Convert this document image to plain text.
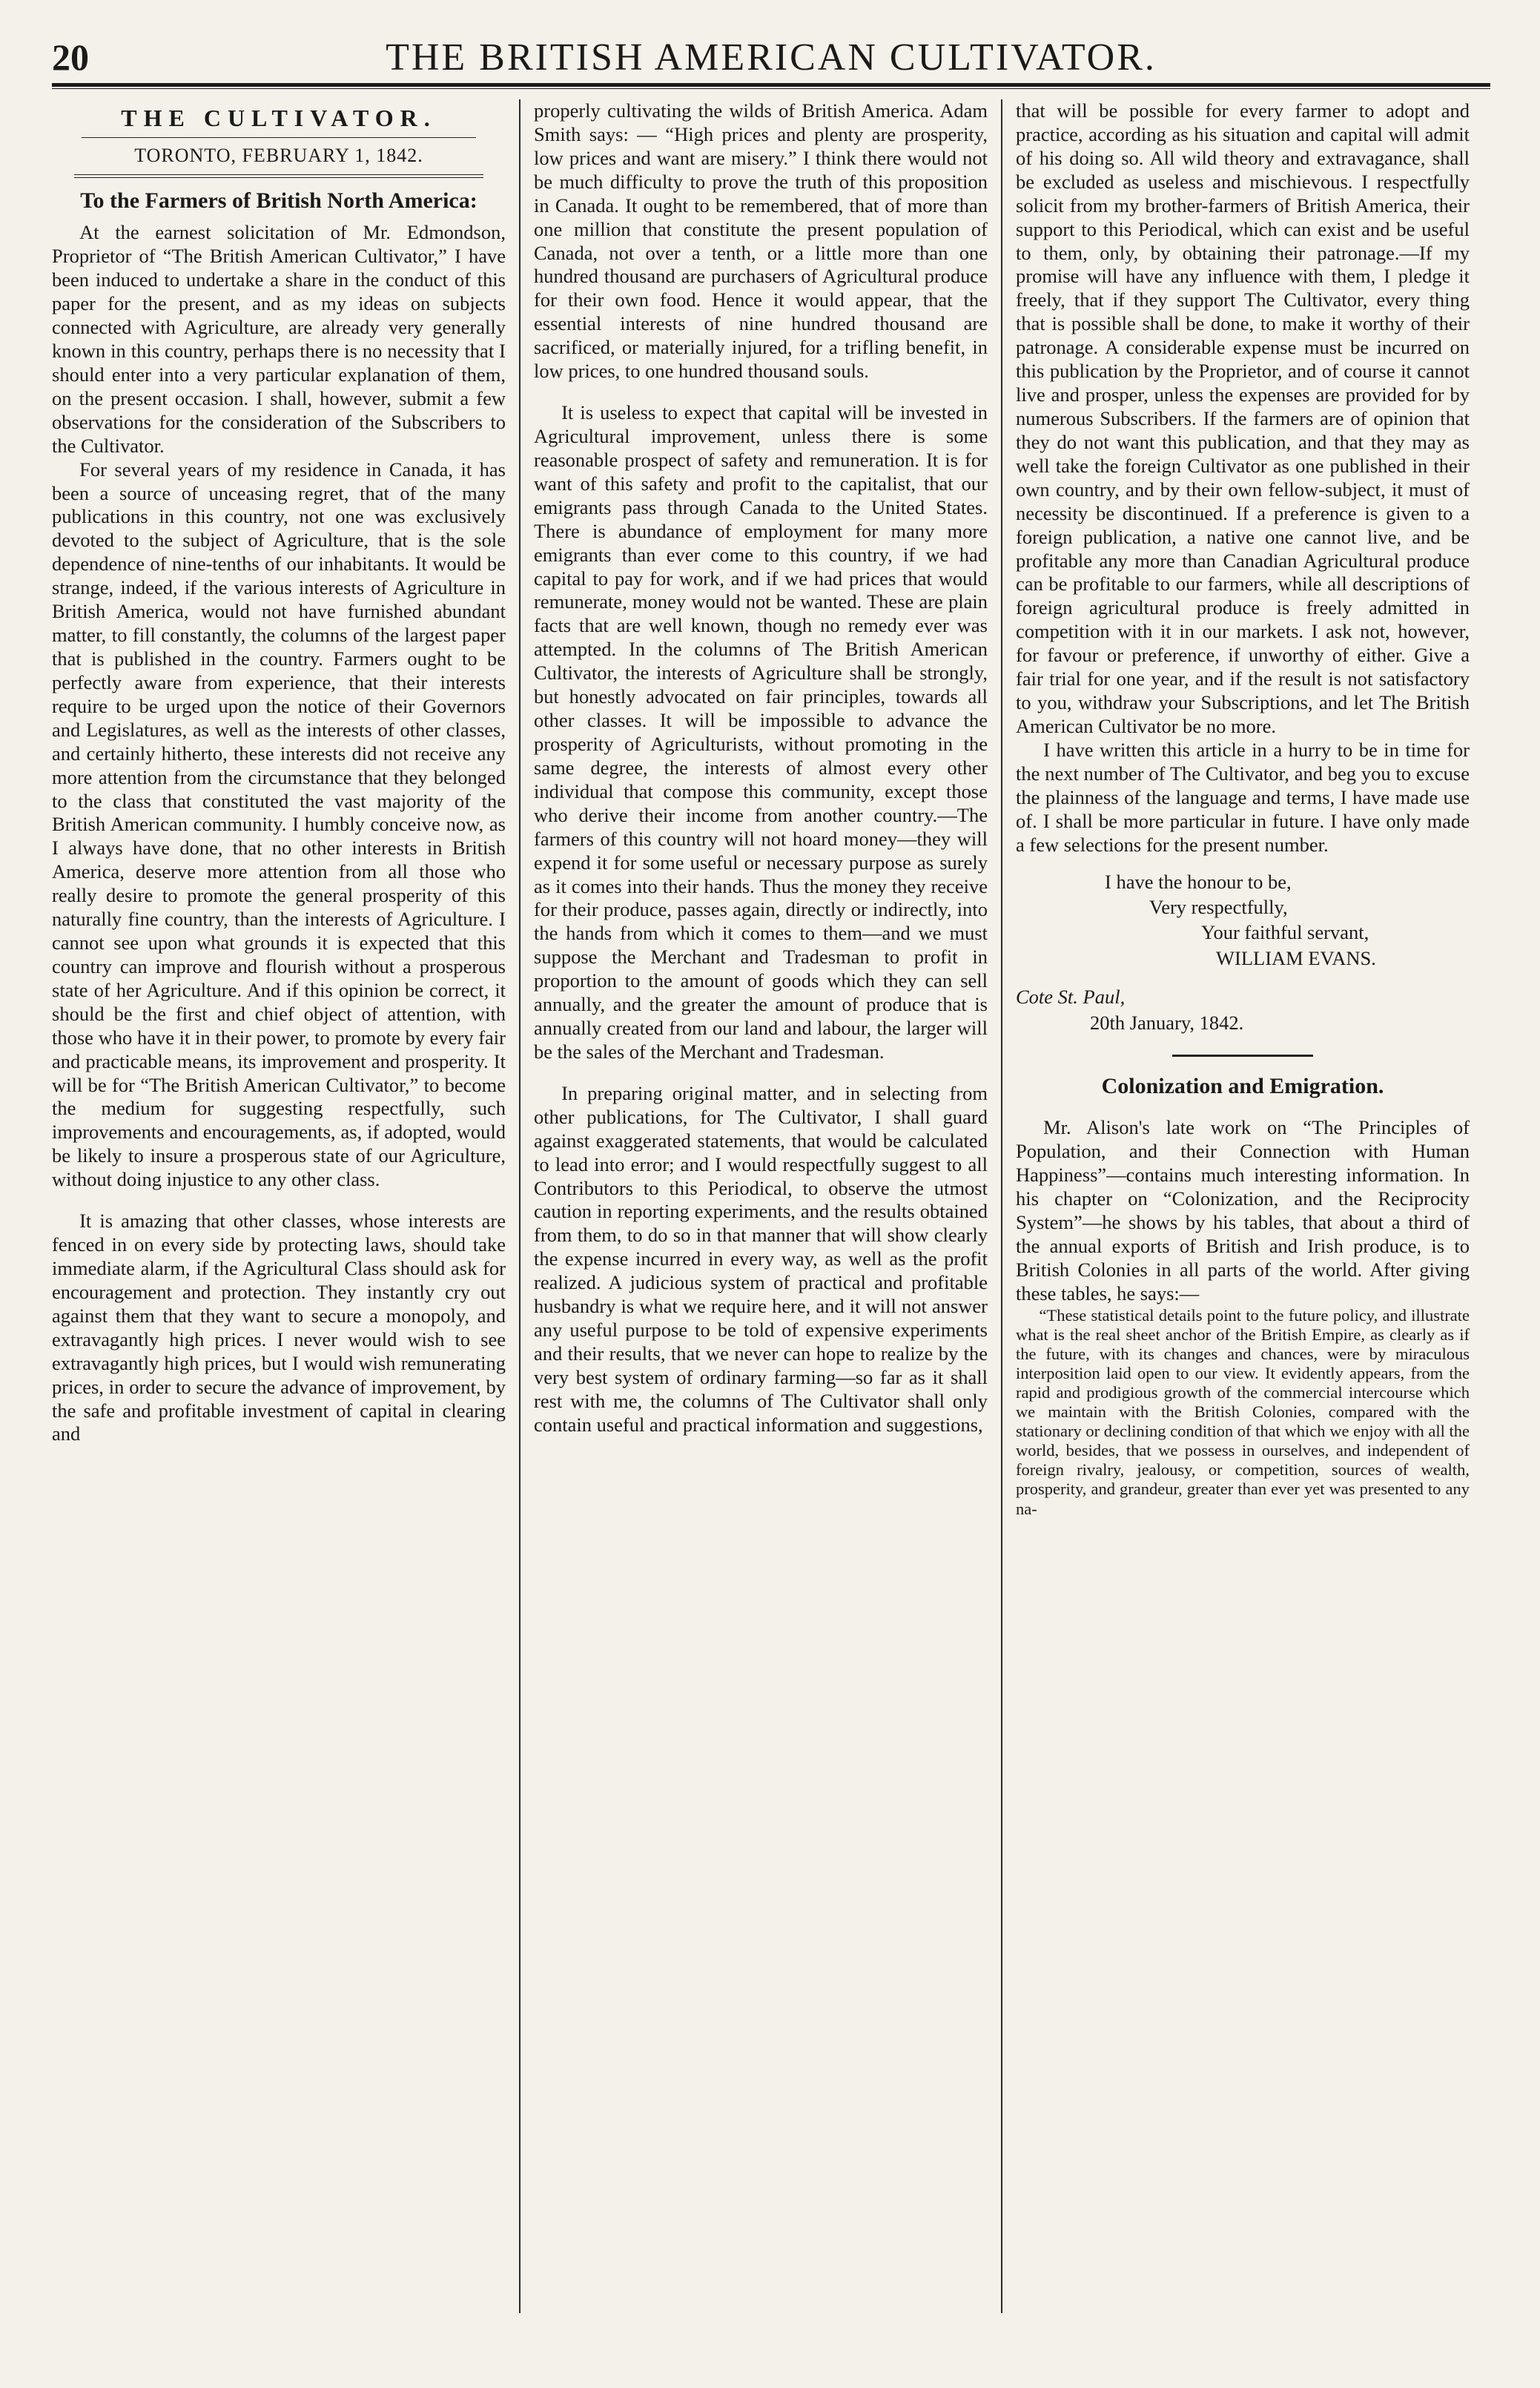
20	THE BRITISH AMERICAN CULTIVATOR.
THE CULTIVATOR.
TORONTO, FEBRUARY 1, 1842.
To the Farmers of British North America:

At the earnest solicitation of Mr. Edmondson, Proprietor of “The British American Cultivator,” I have been induced to undertake a share in the conduct of this paper for the present, and as my ideas on subjects connected with Agriculture, are already very generally known in this country, perhaps there is no necessity that I should enter into a very particular explanation of them, on the present occasion. I shall, however, submit a few observations for the consideration of the Subscribers to the Cultivator.

For several years of my residence in Canada, it has been a source of unceasing regret, that of the many publications in this country, not one was exclusively devoted to the subject of Agriculture, that is the sole dependence of nine-tenths of our inhabitants. It would be strange, indeed, if the various interests of Agriculture in British America, would not have furnished abundant matter, to fill constantly, the columns of the largest paper that is published in the country. Farmers ought to be perfectly aware from experience, that their interests require to be urged upon the notice of their Governors and Legislatures, as well as the interests of other classes, and certainly hitherto, these interests did not receive any more attention from the circumstance that they belonged to the class that constituted the vast majority of the British American community. I humbly conceive now, as I always have done, that no other interests in British America, deserve more attention from all those who really desire to promote the general prosperity of this naturally fine country, than the interests of Agriculture. I cannot see upon what grounds it is expected that this country can improve and flourish without a prosperous state of her Agriculture. And if this opinion be correct, it should be the first and chief object of attention, with those who have it in their power, to promote by every fair and practicable means, its improvement and prosperity. It will be for “The British American Cultivator,” to become the medium for suggesting respectfully, such improvements and encouragements, as, if adopted, would be likely to insure a prosperous state of our Agriculture, without doing injustice to any other class.

It is amazing that other classes, whose interests are fenced in on every side by protecting laws, should take immediate alarm, if the Agricultural Class should ask for encouragement and protection. They instantly cry out against them that they want to secure a monopoly, and extravagantly high prices. I never would wish to see extravagantly high prices, but I would wish remunerating prices, in order to secure the advance of improvement, by the safe and profitable investment of capital in clearing and

properly cultivating the wilds of British America. Adam Smith says: — “High prices and plenty are prosperity, low prices and want are misery.” I think there would not be much difficulty to prove the truth of this proposition in Canada. It ought to be remembered, that of more than one million that constitute the present population of Canada, not over a tenth, or a little more than one hundred thousand are purchasers of Agricultural produce for their own food. Hence it would appear, that the essential interests of nine hundred thousand are sacrificed, or materially injured, for a trifling benefit, in low prices, to one hundred thousand souls.

It is useless to expect that capital will be invested in Agricultural improvement, unless there is some reasonable prospect of safety and remuneration. It is for want of this safety and profit to the capitalist, that our emigrants pass through Canada to the United States. There is abundance of employment for many more emigrants than ever come to this country, if we had capital to pay for work, and if we had prices that would remunerate, money would not be wanted. These are plain facts that are well known, though no remedy ever was attempted. In the columns of The British American Cultivator, the interests of Agriculture shall be strongly, but honestly advocated on fair principles, towards all other classes. It will be impossible to advance the prosperity of Agriculturists, without promoting in the same degree, the interests of almost every other individual that compose this community, except those who derive their income from another country.—The farmers of this country will not hoard money—they will expend it for some useful or necessary purpose as surely as it comes into their hands. Thus the money they receive for their produce, passes again, directly or indirectly, into the hands from which it comes to them—and we must suppose the Merchant and Tradesman to profit in proportion to the amount of goods which they can sell annually, and the greater the amount of produce that is annually created from our land and labour, the larger will be the sales of the Merchant and Tradesman.

In preparing original matter, and in selecting from other publications, for The Cultivator, I shall guard against exaggerated statements, that would be calculated to lead into error; and I would respectfully suggest to all Contributors to this Periodical, to observe the utmost caution in reporting experiments, and the results obtained from them, to do so in that manner that will show clearly the expense incurred in every way, as well as the profit realized. A judicious system of practical and profitable husbandry is what we require here, and it will not answer any useful purpose to be told of expensive experiments and their results, that we never can hope to realize by the very best system of ordinary farming—so far as it shall rest with me, the columns of The Cultivator shall only contain useful and practical information and suggestions,

that will be possible for every farmer to adopt and practice, according as his situation and capital will admit of his doing so. All wild theory and extravagance, shall be excluded as useless and mischievous. I respectfully solicit from my brother-farmers of British America, their support to this Periodical, which can exist and be useful to them, only, by obtaining their patronage.—If my promise will have any influence with them, I pledge it freely, that if they support The Cultivator, every thing that is possible shall be done, to make it worthy of their patronage. A considerable expense must be incurred on this publication by the Proprietor, and of course it cannot live and prosper, unless the expenses are provided for by numerous Subscribers. If the farmers are of opinion that they do not want this publication, and that they may as well take the foreign Cultivator as one published in their own country, and by their own fellow-subject, it must of necessity be discontinued. If a preference is given to a foreign publication, a native one cannot live, and be profitable any more than Canadian Agricultural produce can be profitable to our farmers, while all descriptions of foreign agricultural produce is freely admitted in competition with it in our markets. I ask not, however, for favour or preference, if unworthy of either. Give a fair trial for one year, and if the result is not satisfactory to you, withdraw your Subscriptions, and let The British American Cultivator be no more.

I have written this article in a hurry to be in time for the next number of The Cultivator, and beg you to excuse the plainness of the language and terms, I have made use of. I shall be more particular in future. I have only made a few selections for the present number.

I have the honour to be,
Very respectfully,
Your faithful servant,
WILLIAM EVANS.
Cote St. Paul,
20th January, 1842.
Colonization and Emigration.

Mr. Alison's late work on “The Principles of Population, and their Connection with Human Happiness”—contains much interesting information. In his chapter on “Colonization, and the Reciprocity System”—he shows by his tables, that about a third of the annual exports of British and Irish produce, is to British Colonies in all parts of the world. After giving these tables, he says:—

“These statistical details point to the future policy, and illustrate what is the real sheet anchor of the British Empire, as clearly as if the future, with its changes and chances, were by miraculous interposition laid open to our view. It evidently appears, from the rapid and prodigious growth of the commercial intercourse which we maintain with the British Colonies, compared with the stationary or declining condition of that which we enjoy with all the world, besides, that we possess in ourselves, and independent of foreign rivalry, jealousy, or competition, sources of wealth, prosperity, and grandeur, greater than ever yet was presented to any na-
